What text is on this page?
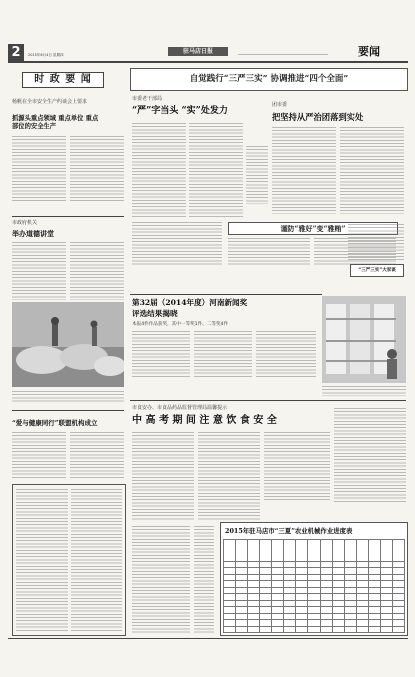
2	2015年6月4日 星期四	驻马店日报	要闻
时 政 要 闻
杨帆在全市安全生产约谈会上要求
抓源头重点领域 重点单位 重点
部位的安全生产
市政府机关
举办道德讲堂
“爱与健康同行”联盟机构成立
自觉践行“三严三实” 协调推进“四个全面”
市委老干部局
“严”字当头 “实”处发力
团市委
把坚持从严治团落到实处
谨防“雅好”变“雅贿”
“三严三实”大家谈
第32届（2014年度）河南新闻奖
评选结果揭晓
本报4件作品获奖，其中一等奖1件、二等奖4件
市食安办、市食品药品监督管理局温馨提示
中 高 考 期 间 注 意 饮 食 安 全
2015年驻马店市“三夏”农业机械作业进度表
